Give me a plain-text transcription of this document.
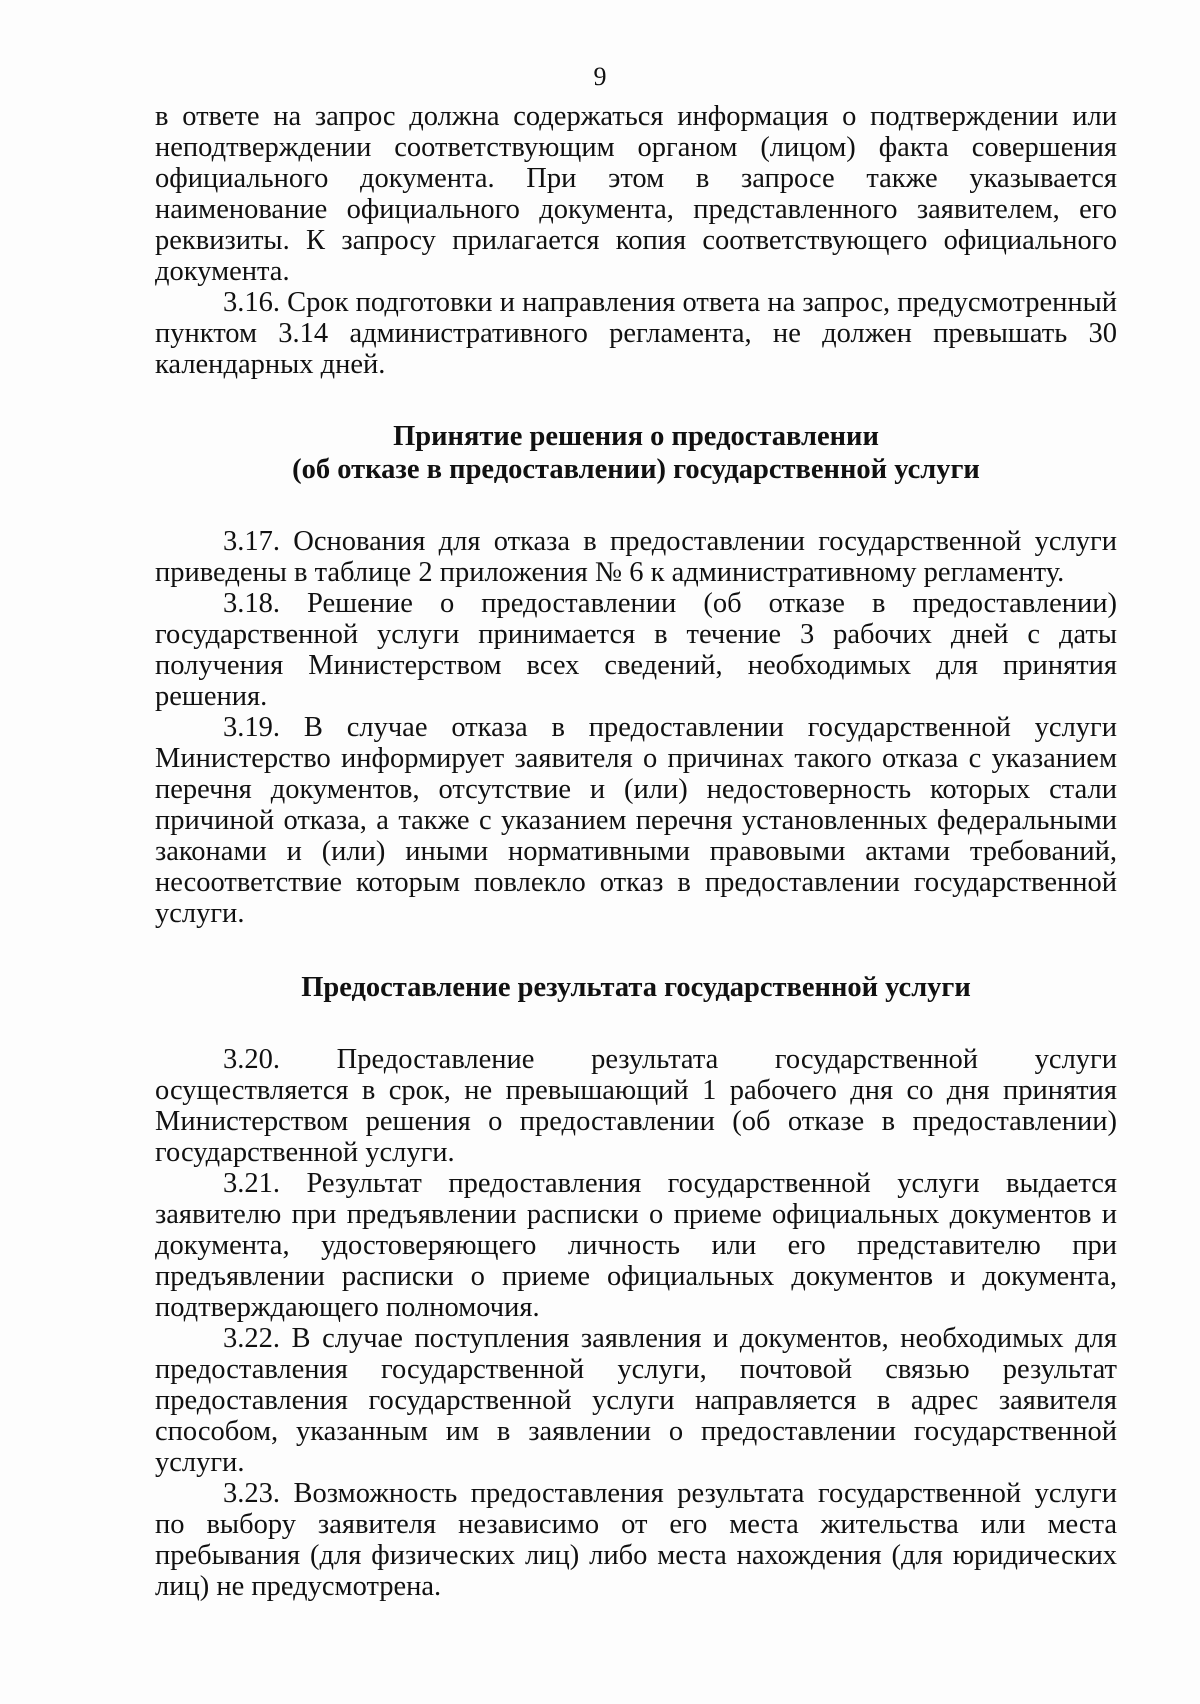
9

в ответе на запрос должна содержаться информация о подтверждении или неподтверждении соответствующим органом (лицом) факта совершения официального документа. При этом в запросе также указывается наименование официального документа, представленного заявителем, его реквизиты. К запросу прилагается копия соответствующего официального документа.

3.16. Срок подготовки и направления ответа на запрос, предусмотренный пунктом 3.14 административного регламента, не должен превышать 30 календарных дней.

Принятие решения о предоставлении
(об отказе в предоставлении) государственной услуги

3.17. Основания для отказа в предоставлении государственной услуги приведены в таблице 2 приложения № 6 к административному регламенту.

3.18. Решение о предоставлении (об отказе в предоставлении) государственной услуги принимается в течение 3 рабочих дней с даты получения Министерством всех сведений, необходимых для принятия решения.

3.19. В случае отказа в предоставлении государственной услуги Министерство информирует заявителя о причинах такого отказа с указанием перечня документов, отсутствие и (или) недостоверность которых стали причиной отказа, а также с указанием перечня установленных федеральными законами и (или) иными нормативными правовыми актами требований, несоответствие которым повлекло отказ в предоставлении государственной услуги.

Предоставление результата государственной услуги

3.20. Предоставление результата государственной услуги осуществляется в срок, не превышающий 1 рабочего дня со дня принятия Министерством решения о предоставлении (об отказе в предоставлении) государственной услуги.

3.21. Результат предоставления государственной услуги выдается заявителю при предъявлении расписки о приеме официальных документов и документа, удостоверяющего личность или его представителю при предъявлении расписки о приеме официальных документов и документа, подтверждающего полномочия.

3.22. В случае поступления заявления и документов, необходимых для предоставления государственной услуги, почтовой связью результат предоставления государственной услуги направляется в адрес заявителя способом, указанным им в заявлении о предоставлении государственной услуги.

3.23. Возможность предоставления результата государственной услуги по выбору заявителя независимо от его места жительства или места пребывания (для физических лиц) либо места нахождения (для юридических лиц) не предусмотрена.
